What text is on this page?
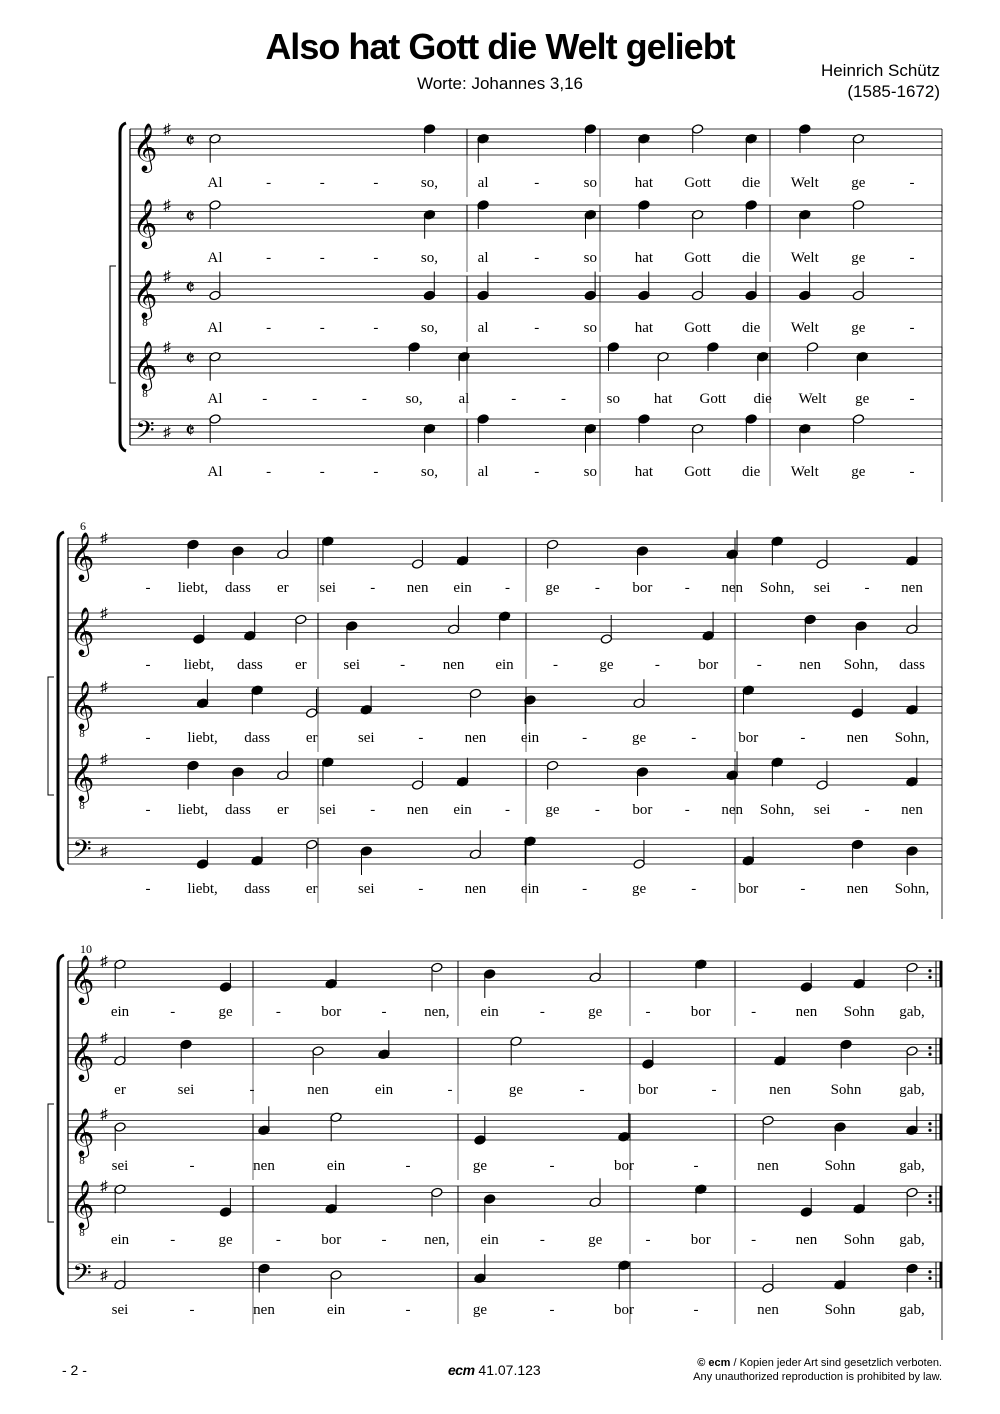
Also hat Gott die Welt geliebt
Worte: Johannes 3,16
Heinrich Schütz
(1585-1672)
𝄞 ♯ 𝄵
Al	-	-	-	so,	al	-	so	hat Gott die Welt ge	-
𝄞 ♯ 𝄵
Al	-	-	-	so,	al	-	so	hat Gott die Welt ge	-
𝄞
8
♯ 𝄵
Al	-	-	-	so,	al	-	so	hat Gott die Welt ge	-
𝄞
8
♯ 𝄵
Al	-	-	-	so, al	-	-	so hat Gott die Welt ge	-
𝄢 ♯ 𝄵
Al	-	-	-	so,	al	-	so	hat Gott die Welt ge	-
6
𝄞 ♯
- liebt, dass er sei - nen ein - ge - bor - nen Sohn, sei - nen
𝄞 ♯
- liebt, dass er sei	-	nen ein	-	ge	-	bor	-	nen Sohn, dass
𝄞
8
♯
- liebt, dass er	sei	-	nen ein	-	ge	-	bor	-	nen Sohn,
𝄞
8
♯
- liebt, dass er sei - nen ein - ge - bor - nen Sohn, sei - nen
𝄢 ♯
- liebt, dass er	sei	-	nen ein	-	ge	-	bor	-	nen Sohn,
10
𝄞 ♯
ein	-	ge	-	bor	-	nen, ein	-	ge	-	bor	-	nen Sohn gab,
𝄞 ♯
er	sei	-	nen	ein	-	ge	-	bor	-	nen	Sohn	gab,
𝄞
8
♯
sei	-	nen	ein	-	ge	-	bor	-	nen	Sohn	gab,
𝄞
8
♯
ein	-	ge	-	bor	-	nen, ein	-	ge	-	bor	-	nen Sohn gab,
𝄢 ♯
sei	-	nen	ein	-	ge	-	bor	-	nen	Sohn	gab,
- 2 -	ecm 41.07.123	© ecm / Kopien jeder Art sind gesetzlich verboten.
Any unauthorized reproduction is prohibited by law.
